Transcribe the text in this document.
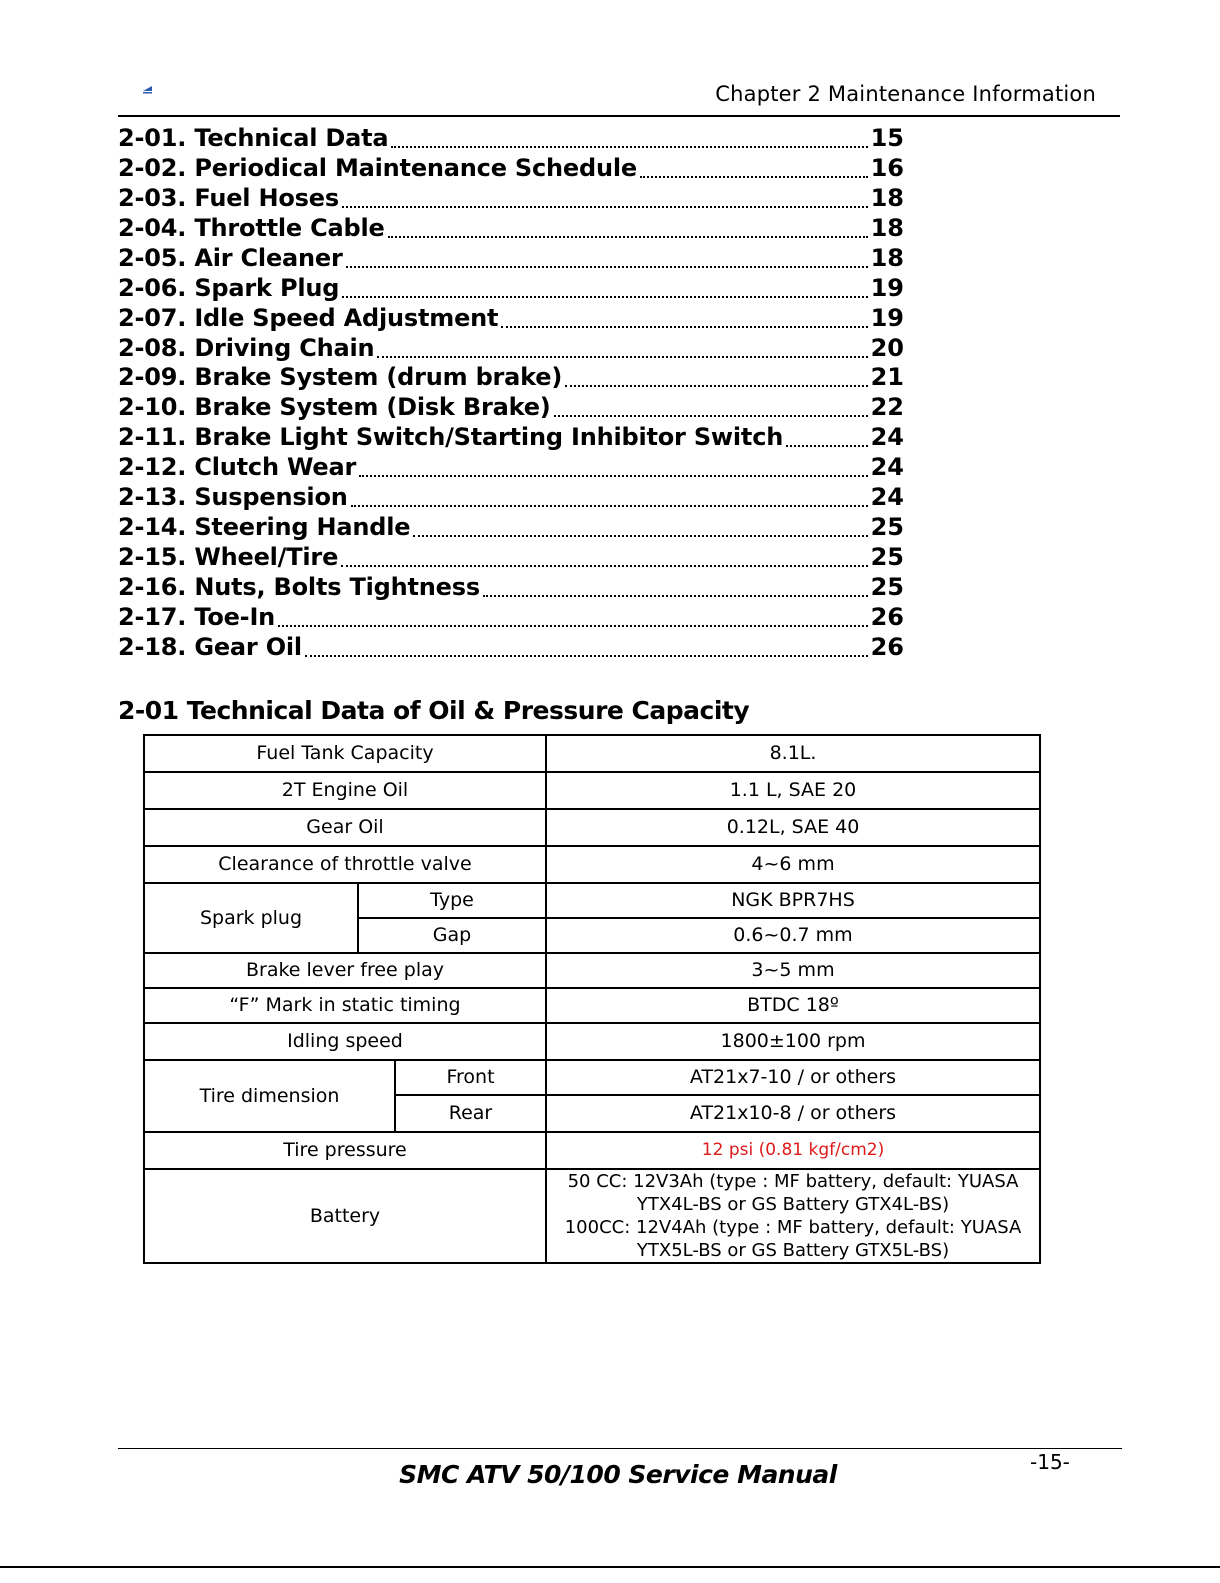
Chapter 2 Maintenance Information
2-01. Technical Data	15
2-02. Periodical Maintenance Schedule	16
2-03. Fuel Hoses	18
2-04. Throttle Cable	18
2-05. Air Cleaner	18
2-06. Spark Plug	19
2-07. Idle Speed Adjustment	19
2-08. Driving Chain	20
2-09. Brake System (drum brake)	21
2-10. Brake System (Disk Brake)	22
2-11. Brake Light Switch/Starting Inhibitor Switch	24
2-12. Clutch Wear	24
2-13. Suspension	24
2-14. Steering Handle	25
2-15. Wheel/Tire	25
2-16. Nuts, Bolts Tightness	25
2-17. Toe-In	26
2-18. Gear Oil	26
2-01 Technical Data of Oil & Pressure Capacity
Fuel Tank Capacity			8.1L.
2T Engine Oil			1.1 L, SAE 20
Gear Oil			0.12L, SAE 40
Clearance of throttle valve			4~6 mm
Spark plug	Type		NGK BPR7HS
	Gap		0.6~0.7 mm
Brake lever free play			3~5 mm
“F” Mark in static timing			BTDC 18º
Idling speed			1800±100 rpm
Tire dimension		Front	AT21x7-10 / or others
		Rear	AT21x10-8 / or others
Tire pressure			12 psi (0.81 kgf/cm2)
Battery			50 CC: 12V3Ah (type : MF battery, default: YUASA
YTX4L-BS or GS Battery GTX4L-BS)
100CC: 12V4Ah (type : MF battery, default: YUASA
YTX5L-BS or GS Battery GTX5L-BS)
-15-
SMC ATV 50/100 Service Manual
